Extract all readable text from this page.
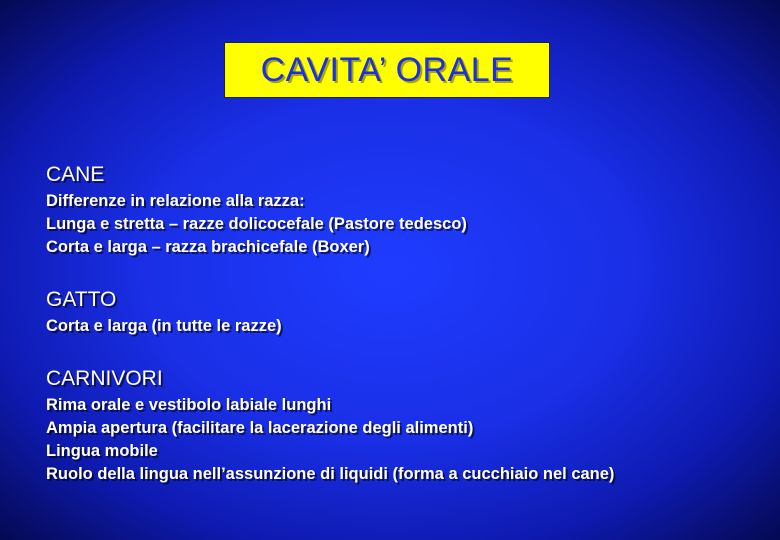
CAVITA’ ORALE
CANE
Differenze in relazione alla razza:
Lunga e stretta – razze dolicocefale (Pastore tedesco)
Corta e larga – razza brachicefale (Boxer)
GATTO
Corta e larga (in tutte le razze)
CARNIVORI
Rima orale e vestibolo labiale lunghi
Ampia apertura (facilitare la lacerazione degli alimenti)
Lingua mobile
Ruolo della lingua nell’assunzione di liquidi (forma a cucchiaio nel cane)
